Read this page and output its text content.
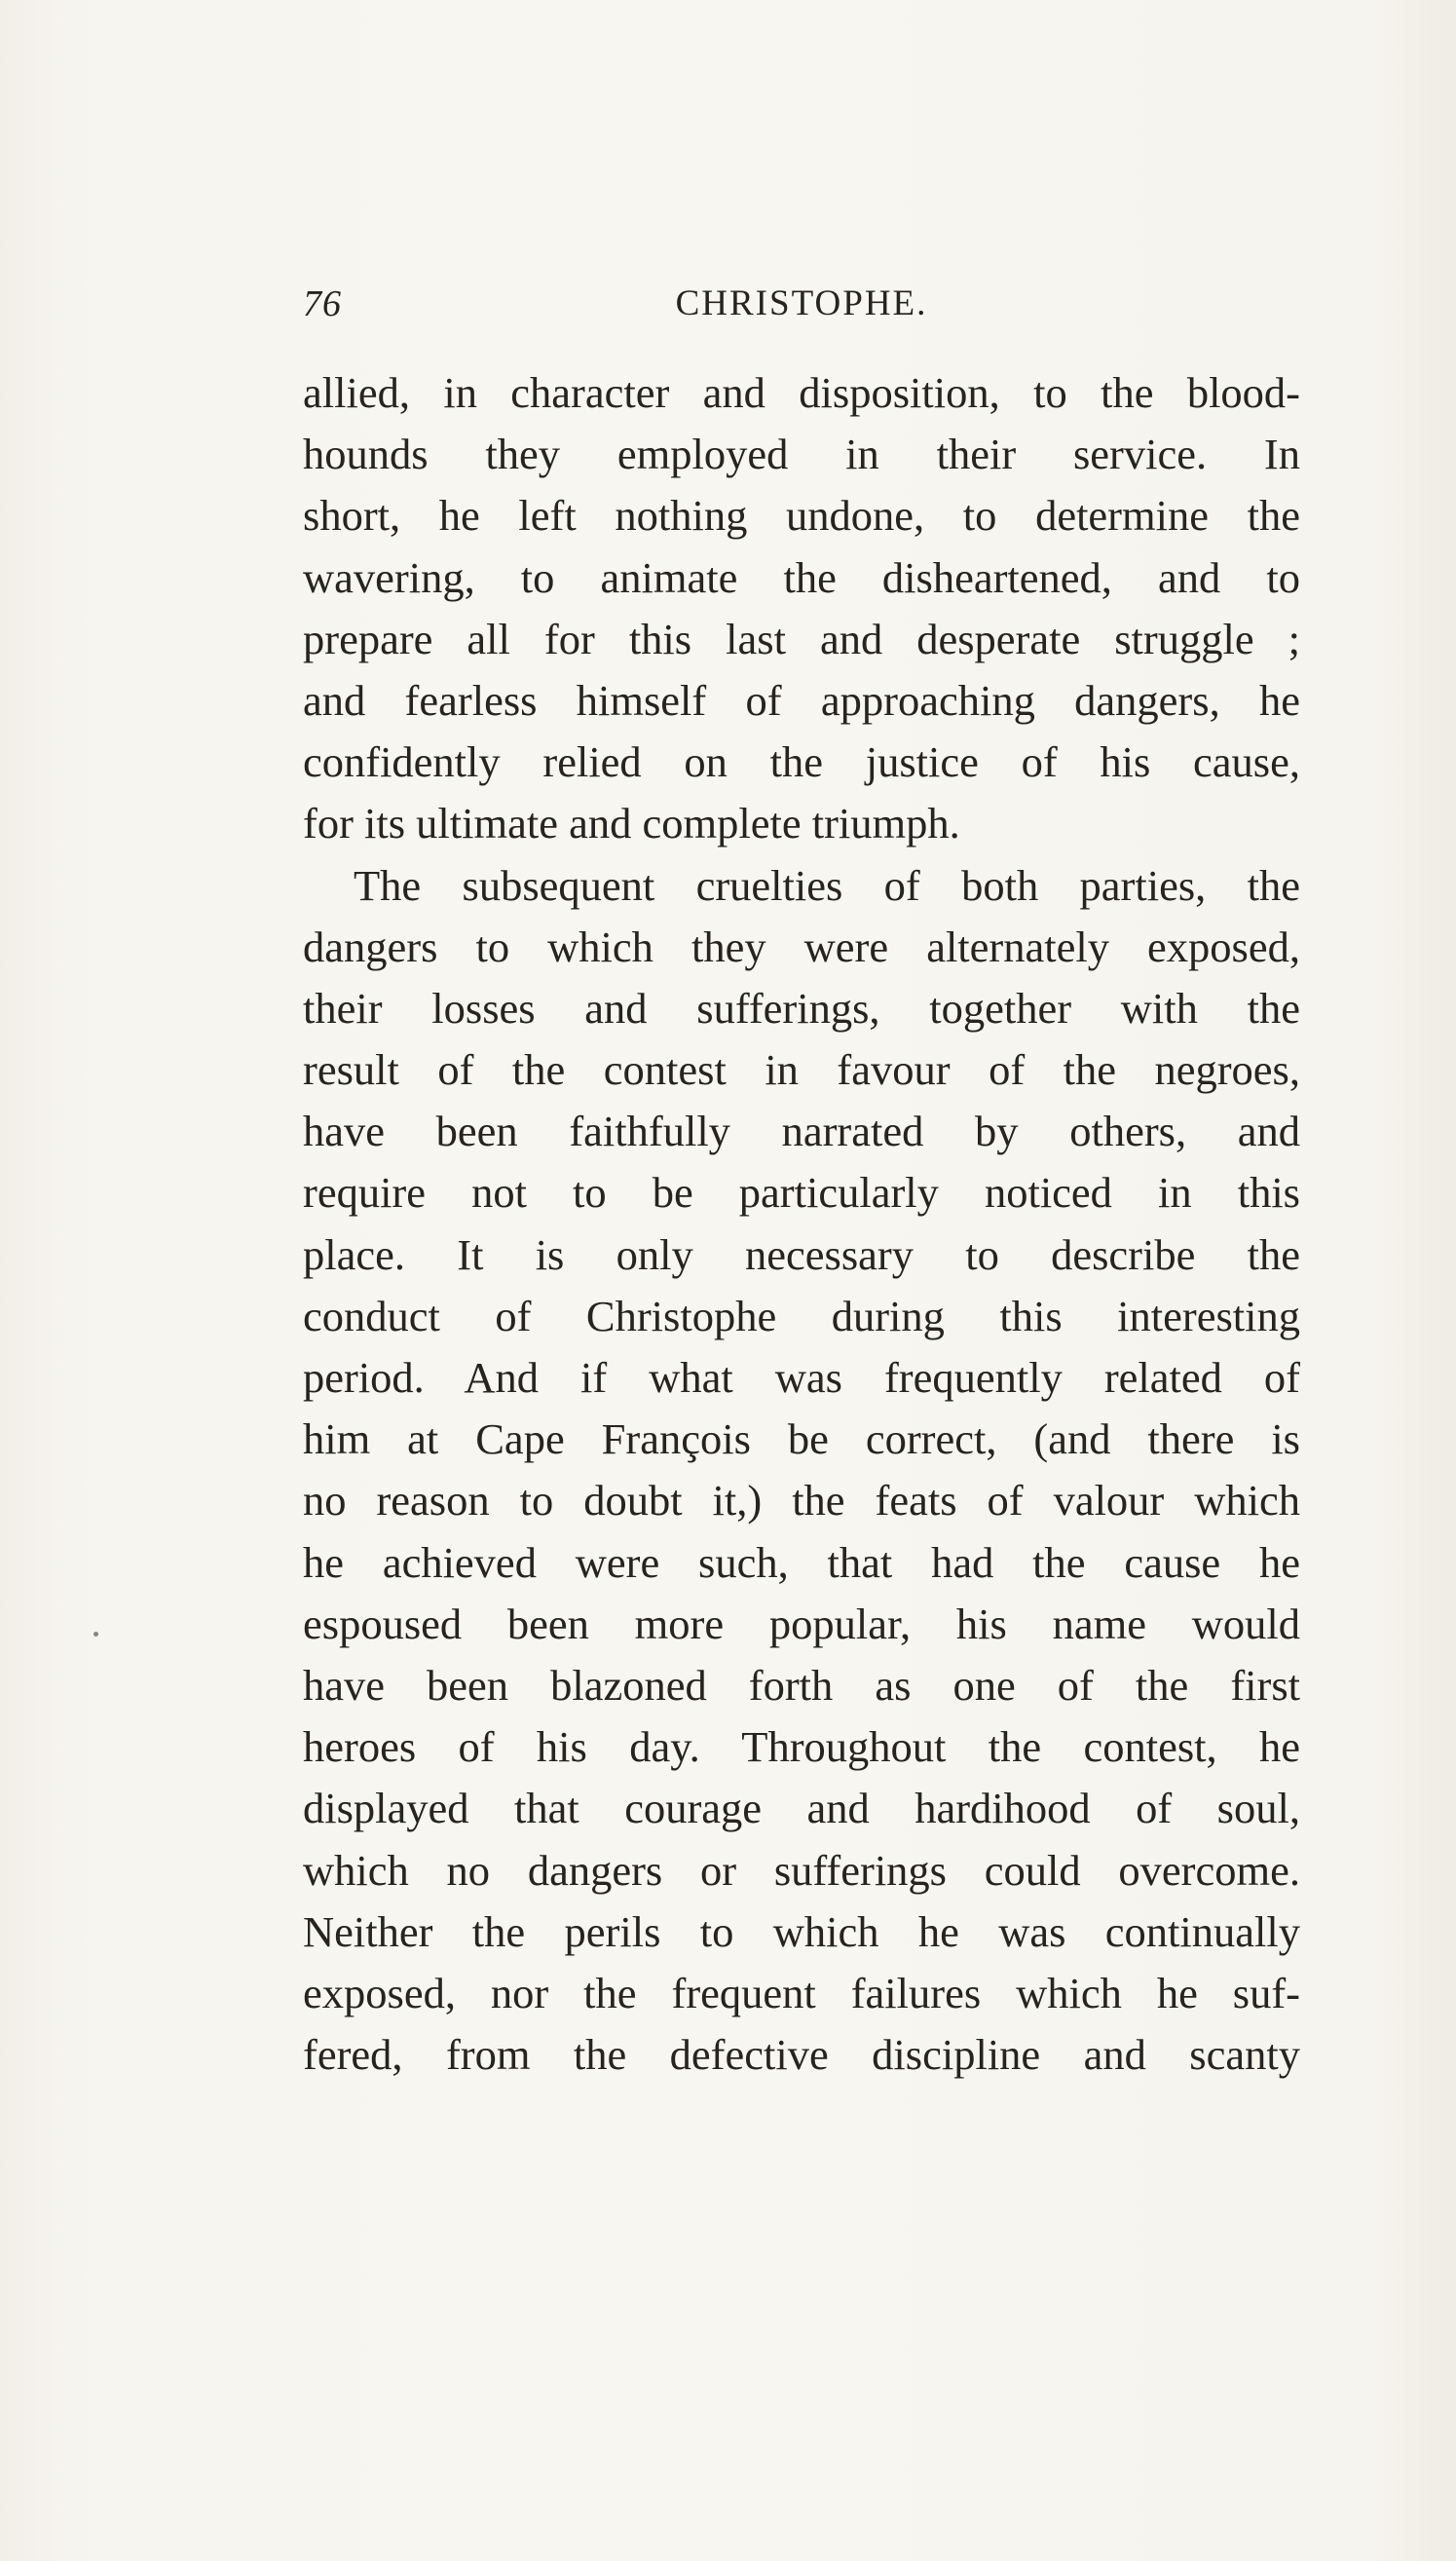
76	CHRISTOPHE.
allied, in character and disposition, to the blood-
hounds they employed in their service. In
short, he left nothing undone, to determine the
wavering, to animate the disheartened, and to
prepare all for this last and desperate struggle ;
and fearless himself of approaching dangers, he
confidently relied on the justice of his cause,
for its ultimate and complete triumph.
The subsequent cruelties of both parties, the
dangers to which they were alternately exposed,
their losses and sufferings, together with the
result of the contest in favour of the negroes,
have been faithfully narrated by others, and
require not to be particularly noticed in this
place. It is only necessary to describe the
conduct of Christophe during this interesting
period. And if what was frequently related of
him at Cape François be correct, (and there is
no reason to doubt it,) the feats of valour which
he achieved were such, that had the cause he
espoused been more popular, his name would
have been blazoned forth as one of the first
heroes of his day. Throughout the contest, he
displayed that courage and hardihood of soul,
which no dangers or sufferings could overcome.
Neither the perils to which he was continually
exposed, nor the frequent failures which he suf-
fered, from the defective discipline and scanty
